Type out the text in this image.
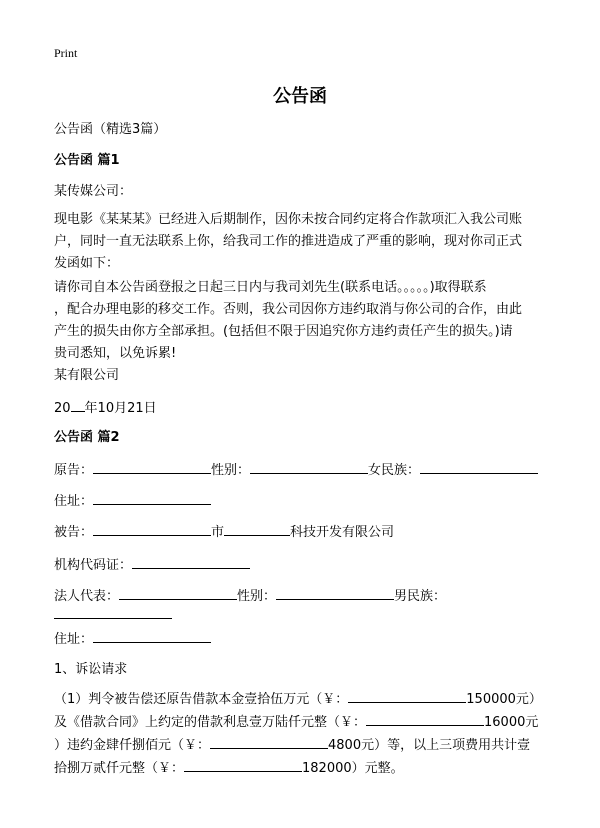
Print
公告函
公告函（精选3篇）
公告函 篇1
某传媒公司：
现电影《某某某》已经进入后期制作，因你未按合同约定将合作款项汇入我公司账
户，同时一直无法联系上你，给我司工作的推进造成了严重的影响，现对你司正式
发函如下：
请你司自本公告函登报之日起三日内与我司刘先生(联系电话。。。。。)取得联系
，配合办理电影的移交工作。否则，我公司因你方违约取消与你公司的合作，由此
产生的损失由你方全部承担。(包括但不限于因追究你方违约责任产生的损失。)请
贵司悉知，以免诉累!
某有限公司
20 年10月21日
公告函 篇2
原告：	性别：	女民族：
住址：
被告：	市	科技开发有限公司
机构代码证：
法人代表：	性别：	男民族：
住址：
1、诉讼请求
（1）判令被告偿还原告借款本金壹拾伍万元（￥：	150000元）
及《借款合同》上约定的借款利息壹万陆仟元整（￥：	16000元
）违约金肆仟捌佰元（￥：	4800元）等，以上三项费用共计壹
拾捌万贰仟元整（￥：	182000）元整。
